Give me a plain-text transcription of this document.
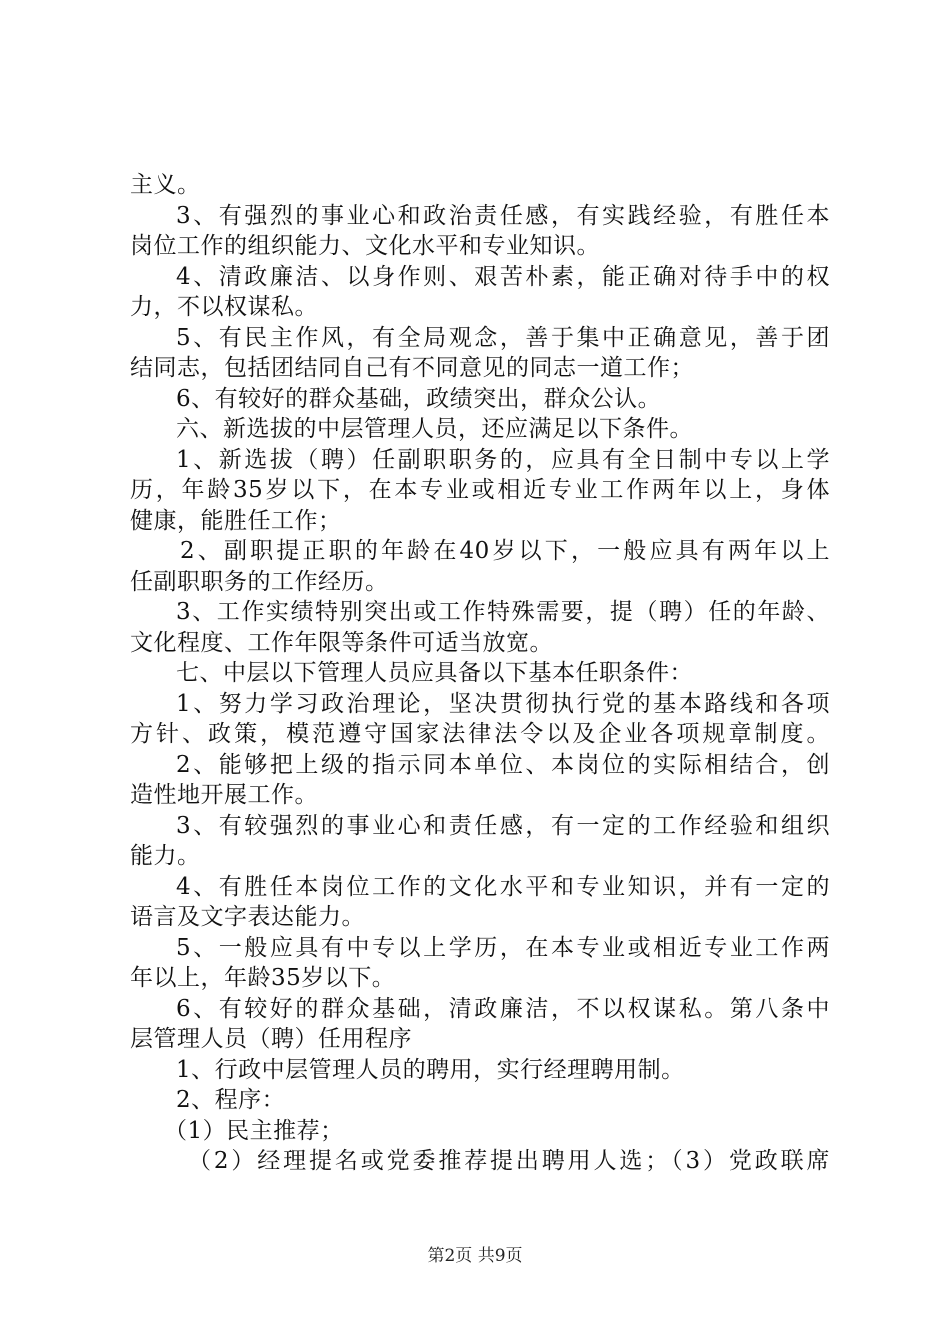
主义。
3、有强烈的事业心和政治责任感，有实践经验，有胜任本
岗位工作的组织能力、文化水平和专业知识。
4、清政廉洁、以身作则、艰苦朴素，能正确对待手中的权
力，不以权谋私。
5、有民主作风，有全局观念，善于集中正确意见，善于团
结同志，包括团结同自己有不同意见的同志一道工作；
6、有较好的群众基础，政绩突出，群众公认。
六、新选拔的中层管理人员，还应满足以下条件。
1、新选拔（聘）任副职职务的，应具有全日制中专以上学
历，年龄35岁以下，在本专业或相近专业工作两年以上，身体
健康，能胜任工作；
2、副职提正职的年龄在40岁以下，一般应具有两年以上
任副职职务的工作经历。
3、工作实绩特别突出或工作特殊需要，提（聘）任的年龄、
文化程度、工作年限等条件可适当放宽。
七、中层以下管理人员应具备以下基本任职条件：
1、努力学习政治理论，坚决贯彻执行党的基本路线和各项
方针、政策，模范遵守国家法律法令以及企业各项规章制度。
2、能够把上级的指示同本单位、本岗位的实际相结合，创
造性地开展工作。
3、有较强烈的事业心和责任感，有一定的工作经验和组织
能力。
4、有胜任本岗位工作的文化水平和专业知识，并有一定的
语言及文字表达能力。
5、一般应具有中专以上学历，在本专业或相近专业工作两
年以上，年龄35岁以下。
6、有较好的群众基础，清政廉洁，不以权谋私。第八条中
层管理人员（聘）任用程序
1、行政中层管理人员的聘用，实行经理聘用制。
2、程序：
（1）民主推荐；
（2）经理提名或党委推荐提出聘用人选；（3）党政联席
第2页 共9页
